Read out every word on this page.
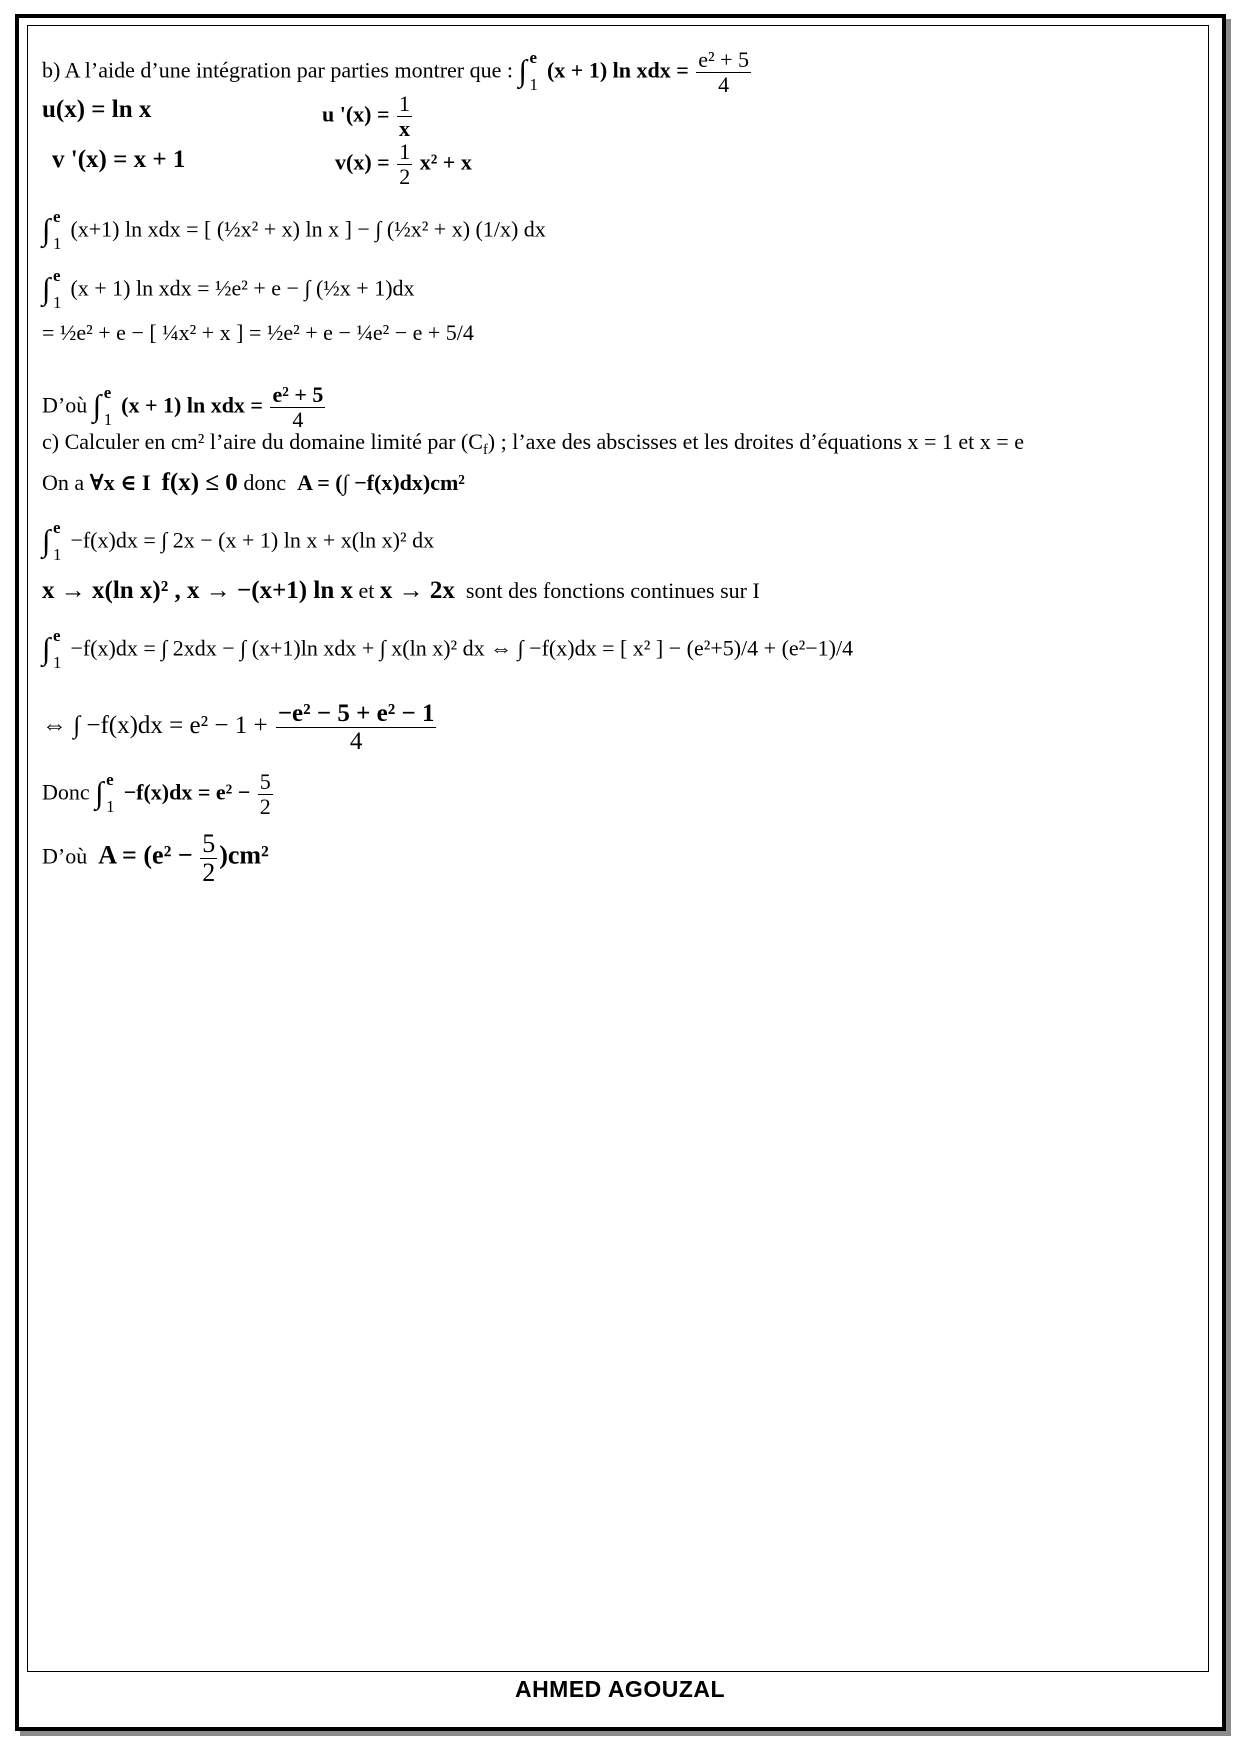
b) A l’aide d’une intégration par parties montrer que : ∫ e
1
(x + 1) ln xdx = $\frac{\text{e² + 5}}{4}$
u(x) = ln x	u '$(x) = \frac{1}{x}$
v '(x) = x + 1	$v(x) = \frac{1}{2} x^2 + x$
∫ e
1
(x+1) ln xdx = [ (½x² + x) ln x ] − ∫ (½x² + x) (1/x) dx
∫ e
1
(x + 1) ln xdx = ½e² + e − ∫ (½x + 1)dx
= ½e² + e − [ ¼x² + x ] = ½e² + e − ¼e² − e + 5/4
D’où ∫ e
1
(x + 1) ln xdx = $\frac{\text{e² + 5}}{4}$
c) Calculer en cm² l’aire du domaine limité par $(C_f)$ ; l’axe des abscisses et les droites d’équations x = 1 et x = e
On a ∀x ∈ I f(x) ≤ 0 donc A = (∫ −f(x)dx)cm²
∫ e
1
−f(x)dx = ∫ 2x − (x + 1) ln x + x(ln x)² dx
x → x(ln x)² , x → −(x+1) ln x et x → 2x sont des fonctions continues sur I
∫ e
1
−f(x)dx = ∫ 2xdx − ∫ (x+1)ln xdx + ∫ x(ln x)² dx ⇔ ∫ −f(x)dx = [ x² ] − (e²+5)/4 + (e²−1)/4
⇔ ∫ $-f(x)dx = e^2 - 1 + \frac{\text{−e² − 5 + e² − 1}}{4}$
Donc ∫ e
1
$-f(x)dx = e^2 - \frac{5}{2}$
D’où $A = (e^2 - \frac{5}{2} )cm^2$
AHMED AGOUZAL
